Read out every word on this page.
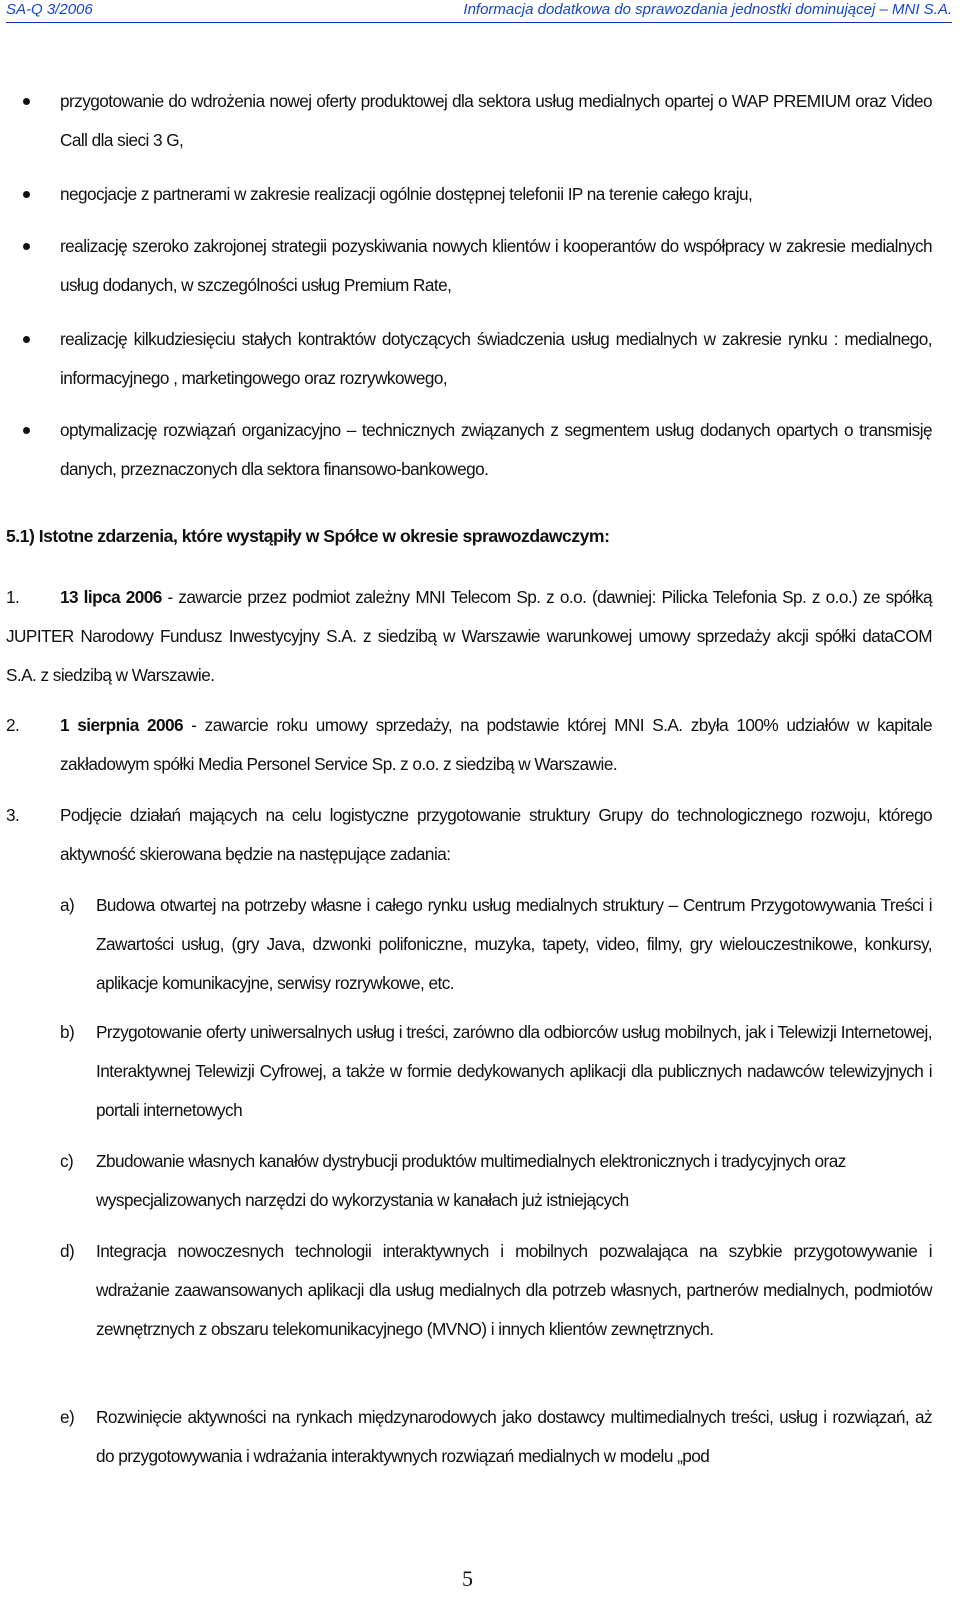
SA-Q 3/2006	Informacja dodatkowa do sprawozdania jednostki dominującej – MNI S.A.
przygotowanie do wdrożenia nowej oferty produktowej dla sektora usług medialnych opartej o WAP PREMIUM oraz Video Call dla sieci 3 G,
negocjacje z partnerami w zakresie realizacji ogólnie dostępnej telefonii IP na terenie całego kraju,
realizację szeroko zakrojonej strategii pozyskiwania nowych klientów i kooperantów do współpracy w zakresie medialnych usług dodanych, w szczególności usług Premium Rate,
realizację kilkudziesięciu stałych kontraktów dotyczących świadczenia usług medialnych w zakresie rynku : medialnego, informacyjnego , marketingowego oraz rozrywkowego,
optymalizację rozwiązań organizacyjno – technicznych związanych z segmentem usług dodanych opartych o transmisję danych, przeznaczonych dla sektora finansowo-bankowego.
5.1) Istotne zdarzenia, które wystąpiły w Spółce w okresie sprawozdawczym:
1.	13 lipca 2006 - zawarcie przez podmiot zależny MNI Telecom Sp. z o.o. (dawniej: Pilicka Telefonia Sp. z o.o.) ze spółką JUPITER Narodowy Fundusz Inwestycyjny S.A. z siedzibą w Warszawie warunkowej umowy sprzedaży akcji spółki dataCOM S.A. z siedzibą w Warszawie.
2. 1 sierpnia 2006 - zawarcie roku umowy sprzedaży, na podstawie której MNI S.A. zbyła 100% udziałów w kapitale zakładowym spółki Media Personel Service Sp. z o.o. z siedzibą w Warszawie.
3. Podjęcie działań mających na celu logistyczne przygotowanie struktury Grupy do technologicznego rozwoju, którego aktywność skierowana będzie na następujące zadania:
a) Budowa otwartej na potrzeby własne i całego rynku usług medialnych struktury – Centrum Przygotowywania Treści i Zawartości usług, (gry Java, dzwonki polifoniczne, muzyka, tapety, video, filmy, gry wielouczestnikowe, konkursy, aplikacje komunikacyjne, serwisy rozrywkowe, etc.
b) Przygotowanie oferty uniwersalnych usług i treści, zarówno dla odbiorców usług mobilnych, jak i Telewizji Internetowej, Interaktywnej Telewizji Cyfrowej, a także w formie dedykowanych aplikacji dla publicznych nadawców telewizyjnych i portali internetowych
c) Zbudowanie własnych kanałów dystrybucji produktów multimedialnych elektronicznych i tradycyjnych oraz wyspecjalizowanych narzędzi do wykorzystania w kanałach już istniejących
d) Integracja nowoczesnych technologii interaktywnych i mobilnych pozwalająca na szybkie przygotowywanie i wdrażanie zaawansowanych aplikacji dla usług medialnych dla potrzeb własnych, partnerów medialnych, podmiotów zewnętrznych z obszaru telekomunikacyjnego (MVNO) i innych klientów zewnętrznych.
e) Rozwinięcie aktywności na rynkach międzynarodowych jako dostawcy multimedialnych treści, usług i rozwiązań, aż do przygotowywania i wdrażania interaktywnych rozwiązań medialnych w modelu „pod
5
